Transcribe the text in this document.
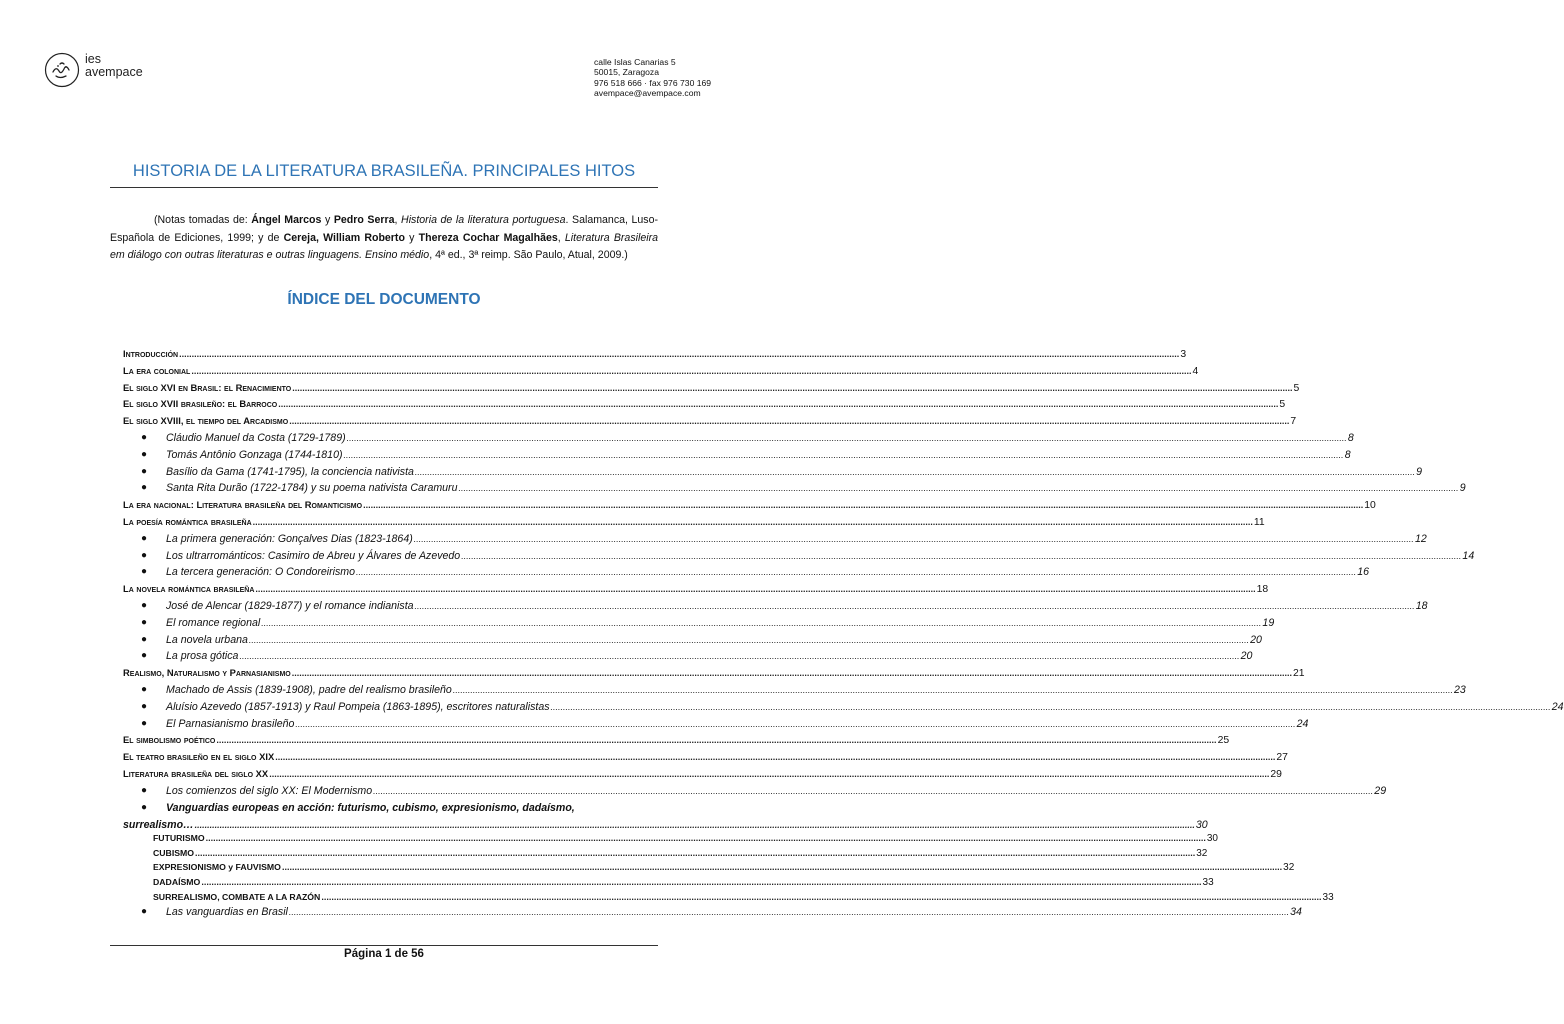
ies
avempace
calle Islas Canarias 5
50015, Zaragoza
976 518 666 · fax 976 730 169
avempace@avempace.com
HISTORIA DE LA LITERATURA BRASILEÑA. PRINCIPALES HITOS
(Notas tomadas de: Ángel Marcos y Pedro Serra, Historia de la literatura portuguesa. Salamanca, Luso-Española de Ediciones, 1999; y de Cereja, William Roberto y Thereza Cochar Magalhães, Literatura Brasileira em diálogo con outras literaturas e outras linguagens. Ensino médio, 4ª ed., 3ª reimp. São Paulo, Atual, 2009.)
ÍNDICE DEL DOCUMENTO
Introducción ................................................................................................................................................................................................................................................................................................................................................................................................................ 3
La era colonial ................................................................................................................................................................................................................................................................................................................................................................................................................ 4
El siglo XVI en Brasil: el Renacimiento ................................................................................................................................................................................................................................................................................................................................................................................................................ 5
El siglo XVII brasileño: el Barroco ................................................................................................................................................................................................................................................................................................................................................................................................................ 5
El siglo XVIII, el tiempo del Arcadismo ................................................................................................................................................................................................................................................................................................................................................................................................................ 7
● Cláudio Manuel da Costa (1729-1789) ................................................................................................................................................................................................................................................................................................................................................................................................................ 8
● Tomás Antônio Gonzaga (1744-1810) ................................................................................................................................................................................................................................................................................................................................................................................................................ 8
● Basílio da Gama (1741-1795), la conciencia nativista ................................................................................................................................................................................................................................................................................................................................................................................................................ 9
● Santa Rita Durão (1722-1784) y su poema nativista Caramuru ................................................................................................................................................................................................................................................................................................................................................................................................................ 9
La era nacional: Literatura brasileña del Romanticismo ................................................................................................................................................................................................................................................................................................................................................................................................................ 10
La poesía romántica brasileña ................................................................................................................................................................................................................................................................................................................................................................................................................ 11
● La primera generación: Gonçalves Dias (1823-1864) ................................................................................................................................................................................................................................................................................................................................................................................................................ 12
● Los ultrarrománticos: Casimiro de Abreu y Álvares de Azevedo ................................................................................................................................................................................................................................................................................................................................................................................................................ 14
● La tercera generación: O Condoreirismo ................................................................................................................................................................................................................................................................................................................................................................................................................ 16
La novela romántica brasileña ................................................................................................................................................................................................................................................................................................................................................................................................................ 18
● José de Alencar (1829-1877) y el romance indianista ................................................................................................................................................................................................................................................................................................................................................................................................................ 18
● El romance regional ................................................................................................................................................................................................................................................................................................................................................................................................................ 19
● La novela urbana ................................................................................................................................................................................................................................................................................................................................................................................................................ 20
● La prosa gótica ................................................................................................................................................................................................................................................................................................................................................................................................................ 20
Realismo, Naturalismo y Parnasianismo ................................................................................................................................................................................................................................................................................................................................................................................................................ 21
● Machado de Assis (1839-1908), padre del realismo brasileño ................................................................................................................................................................................................................................................................................................................................................................................................................ 23
● Aluísio Azevedo (1857-1913) y Raul Pompeia (1863-1895), escritores naturalistas ................................................................................................................................................................................................................................................................................................................................................................................................................ 24
● El Parnasianismo brasileño ................................................................................................................................................................................................................................................................................................................................................................................................................ 24
El simbolismo poético ................................................................................................................................................................................................................................................................................................................................................................................................................ 25
El teatro brasileño en el siglo XIX ................................................................................................................................................................................................................................................................................................................................................................................................................ 27
Literatura brasileña del siglo XX ................................................................................................................................................................................................................................................................................................................................................................................................................ 29
● Los comienzos del siglo XX: El Modernismo ................................................................................................................................................................................................................................................................................................................................................................................................................ 29
● Vanguardias europeas en acción: futurismo, cubismo, expresionismo, dadaísmo,
surrealismo… ................................................................................................................................................................................................................................................................................................................................................................................................................ 30
FUTURISMO ................................................................................................................................................................................................................................................................................................................................................................................................................ 30
CUBISMO ................................................................................................................................................................................................................................................................................................................................................................................................................ 32
EXPRESIONISMO y FAUVISMO ................................................................................................................................................................................................................................................................................................................................................................................................................ 32
DADAÍSMO ................................................................................................................................................................................................................................................................................................................................................................................................................ 33
SURREALISMO, COMBATE A LA RAZÓN ................................................................................................................................................................................................................................................................................................................................................................................................................ 33
● Las vanguardias en Brasil ................................................................................................................................................................................................................................................................................................................................................................................................................ 34
Página 1 de 56
